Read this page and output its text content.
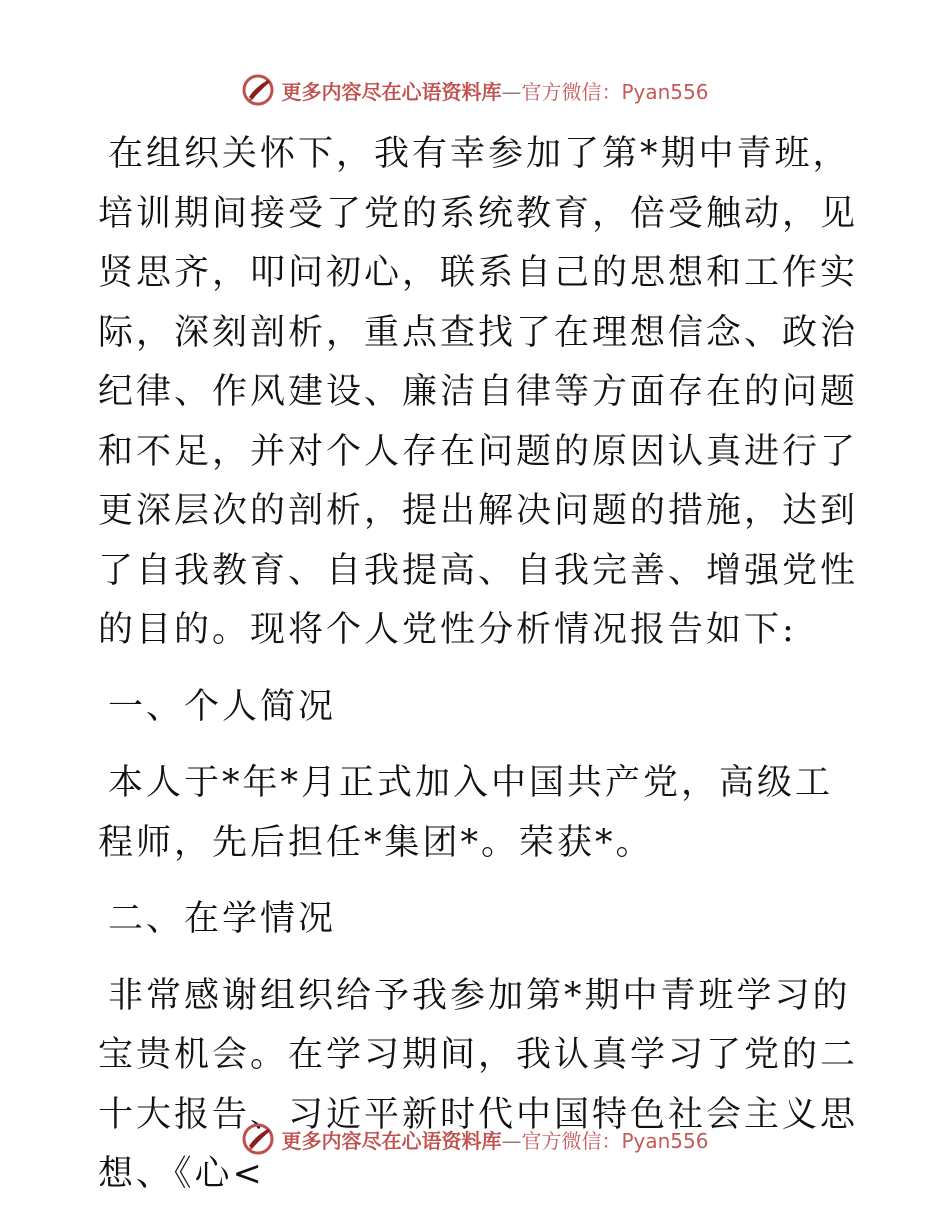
更多内容尽在心语资料库—官方微信：Pyan556

在组织关怀下，我有幸参加了第*期中青班，培训期间接受了党的系统教育，倍受触动，见贤思齐，叩问初心，联系自己的思想和工作实际，深刻剖析，重点查找了在理想信念、政治纪律、作风建设、廉洁自律等方面存在的问题和不足，并对个人存在问题的原因认真进行了更深层次的剖析，提出解决问题的措施，达到了自我教育、自我提高、自我完善、增强党性的目的。现将个人党性分析情况报告如下:

一、个人简况

本人于*年*月正式加入中国共产党，高级工程师，先后担任*集团*。荣获*。

二、在学情况

非常感谢组织给予我参加第*期中青班学习的宝贵机会。在学习期间，我认真学习了党的二十大报告、习近平新时代中国特色社会主义思想、《心<

更多内容尽在心语资料库—官方微信：Pyan556
